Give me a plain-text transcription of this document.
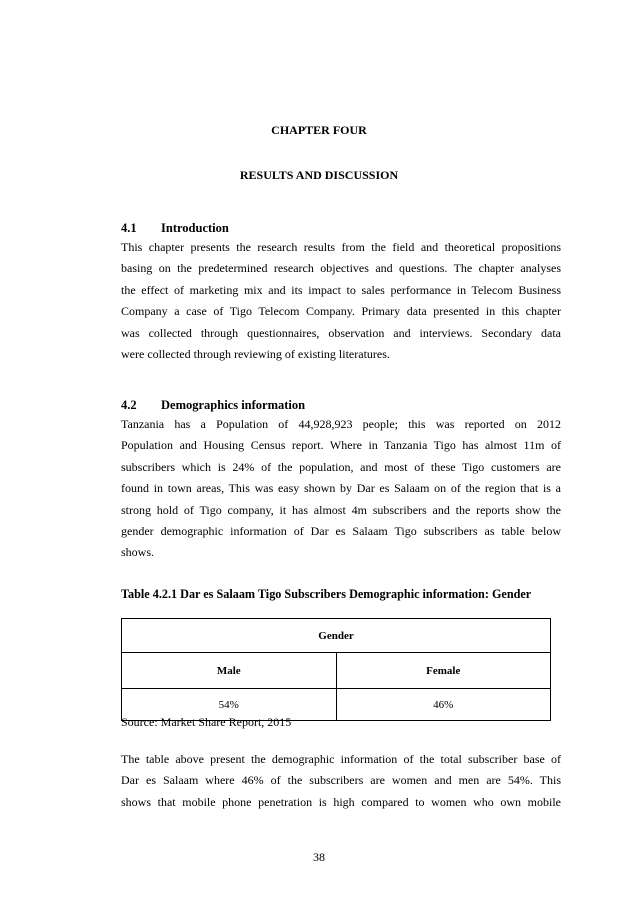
CHAPTER FOUR
RESULTS AND DISCUSSION
4.1 Introduction
This chapter presents the research results from the field and theoretical propositions
basing on the predetermined research objectives and questions. The chapter analyses
the effect of marketing mix and its impact to sales performance in Telecom Business
Company a case of Tigo Telecom Company. Primary data presented in this chapter
was collected through questionnaires, observation and interviews. Secondary data
were collected through reviewing of existing literatures.
4.2 Demographics information
Tanzania has a Population of 44,928,923 people; this was reported on 2012
Population and Housing Census report. Where in Tanzania Tigo has almost 11m of
subscribers which is 24% of the population, and most of these Tigo customers are
found in town areas, This was easy shown by Dar es Salaam on of the region that is a
strong hold of Tigo company, it has almost 4m subscribers and the reports show the
gender demographic information of Dar es Salaam Tigo subscribers as table below
shows.
Table 4.2.1 Dar es Salaam Tigo Subscribers Demographic information: Gender
Gender	
Male	Female
54%	46%
Source: Market Share Report, 2015
The table above present the demographic information of the total subscriber base of
Dar es Salaam where 46% of the subscribers are women and men are 54%. This
shows that mobile phone penetration is high compared to women who own mobile
38
